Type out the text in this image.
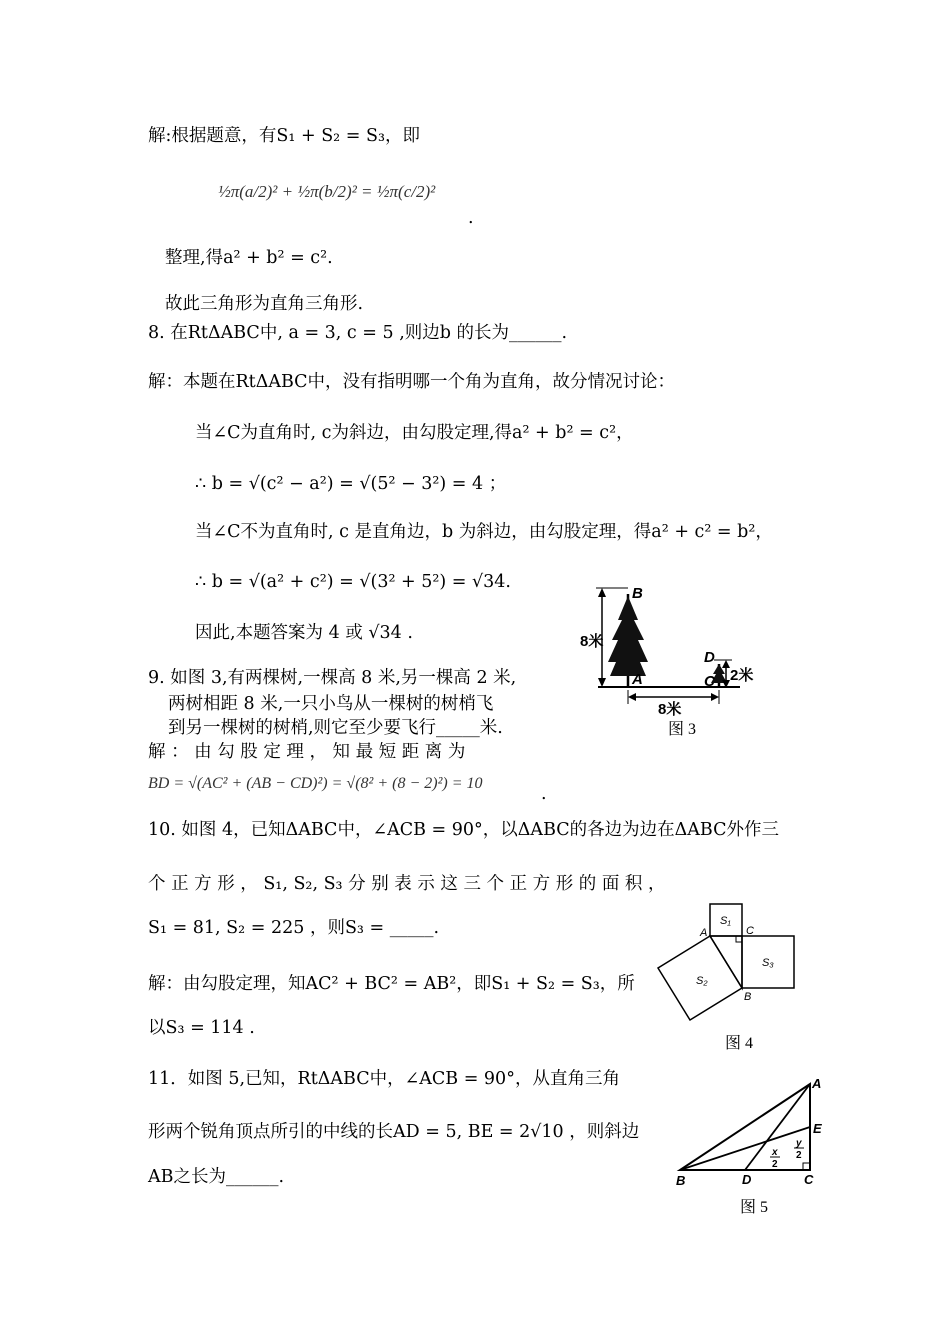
解:根据题意，有S₁ + S₂ = S₃，即
½π(a/2)² + ½π(b/2)² = ½π(c/2)²
.
整理,得a² + b² = c².
故此三角形为直角三角形.
8. 在RtΔABC中, a = 3, c = 5 ,则边b 的长为______.
解：本题在RtΔABC中，没有指明哪一个角为直角，故分情况讨论：
当∠C为直角时, c为斜边，由勾股定理,得a² + b² = c²，
∴ b = √(c² − a²) = √(5² − 3²) = 4 ；
当∠C不为直角时, c 是直角边，b 为斜边，由勾股定理，得a² + c² = b²，
∴ b = √(a² + c²) = √(3² + 5²) = √34.
因此,本题答案为 4 或 √34 .
9. 如图 3,有两棵树,一棵高 8 米,另一棵高 2 米,
两树相距 8 米,一只小鸟从一棵树的树梢飞
到另一棵树的树梢,则它至少要飞行_____米.
解 ： 由 勾 股 定 理 ， 知 最 短 距 离 为
BD = √(AC² + (AB − CD)²) = √(8² + (8 − 2)²) = 10
.
10. 如图 4，已知ΔABC中，∠ACB = 90°，以ΔABC的各边为边在ΔABC外作三
个 正 方 形 ， S₁, S₂, S₃ 分 别 表 示 这 三 个 正 方 形 的 面 积 ，
S₁ = 81, S₂ = 225 ，则S₃ = _____.
解：由勾股定理，知AC² + BC² = AB²，即S₁ + S₂ = S₃，所
以S₃ = 114 .
11．如图 5,已知，RtΔABC中，∠ACB = 90°，从直角三角
形两个锐角顶点所引的中线的长AD = 5, BE = 2√10 ，则斜边
AB之长为______.
B
A	C
D
8米
2米
8米
图 3
S₁
S₃
S₂
A	C
B
图 4
x
2
y
2
A
E
B	D	C
图 5
